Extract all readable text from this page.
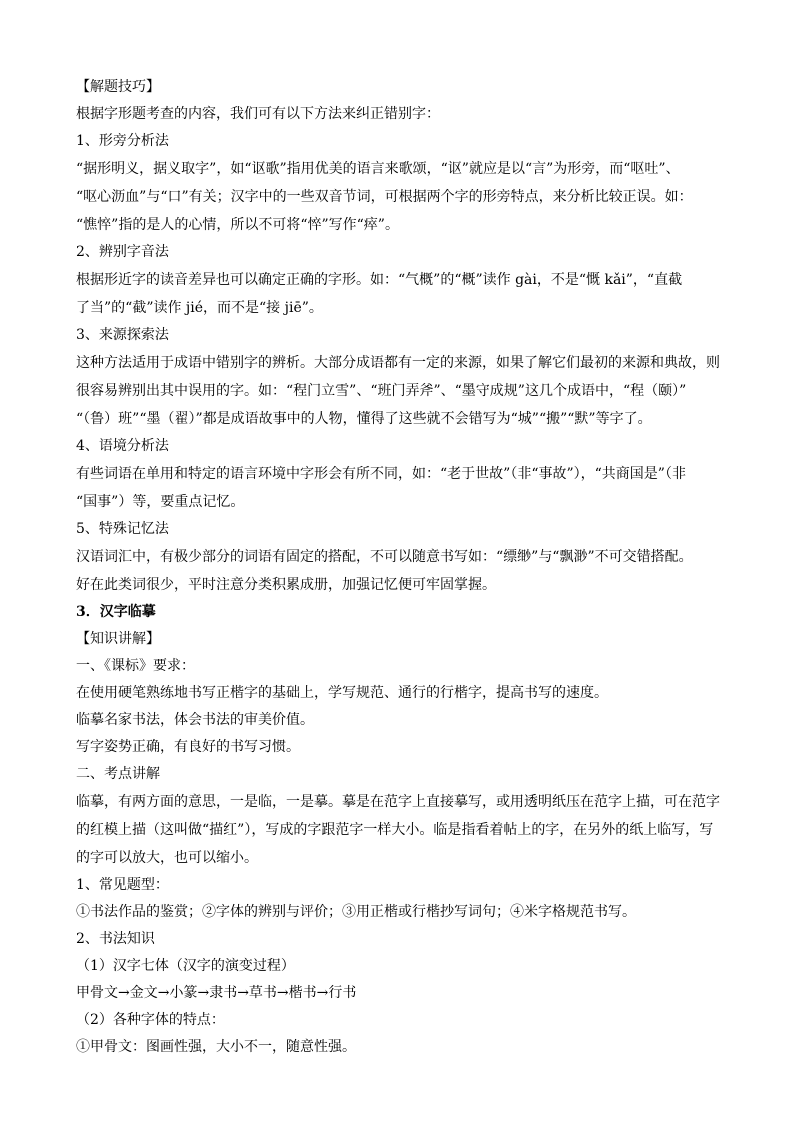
【解题技巧】
根据字形题考查的内容，我们可有以下方法来纠正错别字：
1、形旁分析法
“据形明义，据义取字”，如“讴歌”指用优美的语言来歌颂，“讴”就应是以“言”为形旁，而“呕吐”、
“呕心沥血”与“口”有关；汉字中的一些双音节词，可根据两个字的形旁特点，来分析比较正误。如：
“憔悴”指的是人的心情，所以不可将“悴”写作“瘁”。
2、辨别字音法
根据形近字的读音差异也可以确定正确的字形。如：“气概”的“概”读作 gài，不是“慨 kǎi”，“直截
了当”的“截”读作 jié，而不是“接 jiē”。
3、来源探索法
这种方法适用于成语中错别字的辨析。大部分成语都有一定的来源，如果了解它们最初的来源和典故，则
很容易辨别出其中误用的字。如：“程门立雪”、“班门弄斧”、“墨守成规”这几个成语中，“程（颐）”
“（鲁）班”“墨（翟）”都是成语故事中的人物，懂得了这些就不会错写为“城”“搬”“默”等字了。
4、语境分析法
有些词语在单用和特定的语言环境中字形会有所不同，如：“老于世故”（非“事故”），“共商国是”（非
“国事”）等，要重点记忆。
5、特殊记忆法
汉语词汇中，有极少部分的词语有固定的搭配，不可以随意书写如：“缥缈”与“飘渺”不可交错搭配。
好在此类词很少，平时注意分类积累成册，加强记忆便可牢固掌握。
3．汉字临摹
【知识讲解】
一、《课标》要求：
在使用硬笔熟练地书写正楷字的基础上，学写规范、通行的行楷字，提高书写的速度。
临摹名家书法，体会书法的审美价值。
写字姿势正确，有良好的书写习惯。
二、考点讲解
临摹，有两方面的意思，一是临，一是摹。摹是在范字上直接摹写，或用透明纸压在范字上描，可在范字
的红模上描（这叫做“描红”），写成的字跟范字一样大小。临是指看着帖上的字，在另外的纸上临写，写
的字可以放大，也可以缩小。
1、常见题型：
①书法作品的鉴赏；②字体的辨别与评价；③用正楷或行楷抄写词句；④米字格规范书写。
2、书法知识
（1）汉字七体（汉字的演变过程）
甲骨文→金文→小篆→隶书→草书→楷书→行书
（2）各种字体的特点：
①甲骨文：图画性强，大小不一，随意性强。
